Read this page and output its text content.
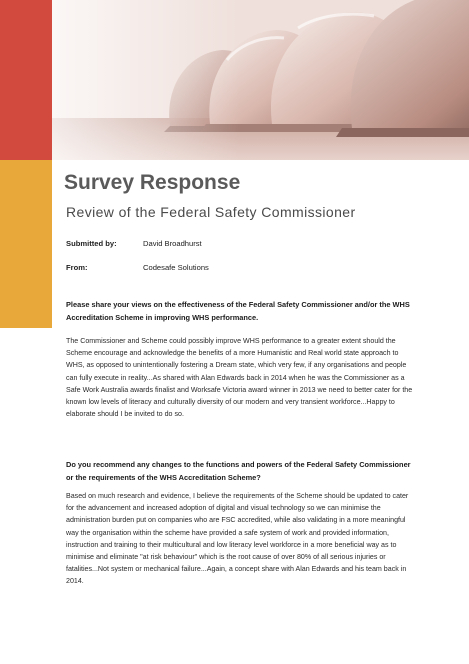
Survey Response
Review of the Federal Safety Commissioner
Submitted by:	David Broadhurst
From:	Codesafe Solutions
Please share your views on the effectiveness of the Federal Safety Commissioner and/or the WHS Accreditation Scheme in improving WHS performance.
The Commissioner and Scheme could possibly improve WHS performance to a greater extent should the Scheme encourage and acknowledge the benefits of a more Humanistic and Real world state approach to WHS, as opposed to unintentionally fostering a Dream state, which very few, if any organisations and people can fully execute in reality...As shared with Alan Edwards back in 2014 when he was the Commissioner as a Safe Work Australia awards finalist and Worksafe Victoria award winner in 2013 we need to better cater for the known low levels of literacy and culturally diversity of our modern and very transient workforce...Happy to elaborate should I be invited to do so.
Do you recommend any changes to the functions and powers of the Federal Safety Commissioner or the requirements of the WHS Accreditation Scheme?
Based on much research and evidence, I believe the requirements of the Scheme should be updated to cater for the advancement and increased adoption of digital and visual technology so we can minimise the administration burden put on companies who are FSC accredited, while also validating in a more meaningful way the organisation within the scheme have provided a safe system of work and provided information, instruction and training to their multicultural and low literacy level workforce in a more beneficial way as to minimise and eliminate "at risk behaviour" which is the root cause of over 80% of all serious injuries or fatalities...Not system or mechanical failure...Again, a concept share with Alan Edwards and his team back in 2014.
